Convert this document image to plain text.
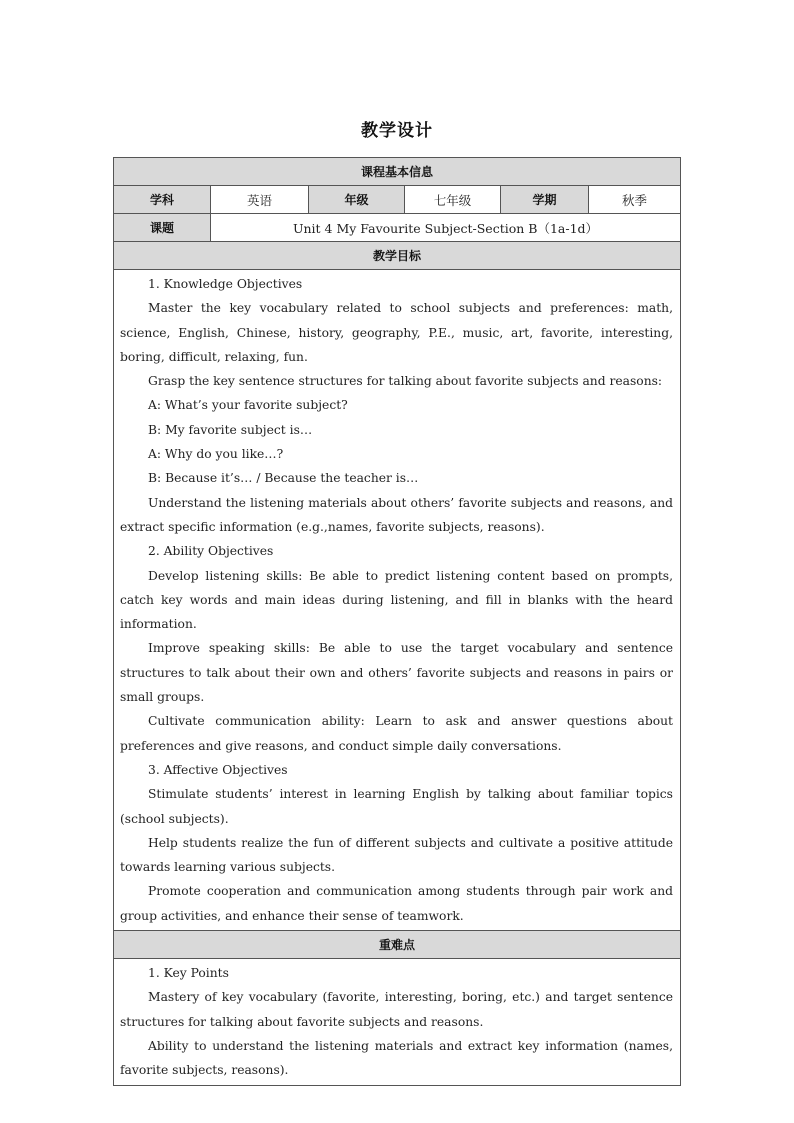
教学设计
课程基本信息
学科	英语	年级	七年级	学期	秋季
课题	Unit 4 My Favourite Subject-Section B（1a-1d）
教学目标

1. Knowledge Objectives

Master the key vocabulary related to school subjects and preferences: math, science, English, Chinese, history, geography, P.E., music, art, favorite, interesting, boring, difficult, relaxing, fun.

Grasp the key sentence structures for talking about favorite subjects and reasons:

A: What’s your favorite subject?

B: My favorite subject is…

A: Why do you like…?

B: Because it’s… / Because the teacher is…

Understand the listening materials about others’ favorite subjects and reasons, and extract specific information (e.g.,names, favorite subjects, reasons).

2. Ability Objectives

Develop listening skills: Be able to predict listening content based on prompts, catch key words and main ideas during listening, and fill in blanks with the heard information.

Improve speaking skills: Be able to use the target vocabulary and sentence structures to talk about their own and others’ favorite subjects and reasons in pairs or small groups.

Cultivate communication ability: Learn to ask and answer questions about preferences and give reasons, and conduct simple daily conversations.

3. Affective Objectives

Stimulate students’ interest in learning English by talking about familiar topics (school subjects).

Help students realize the fun of different subjects and cultivate a positive attitude towards learning various subjects.

Promote cooperation and communication among students through pair work and group activities, and enhance their sense of teamwork.

重难点

1. Key Points

Mastery of key vocabulary (favorite, interesting, boring, etc.) and target sentence structures for talking about favorite subjects and reasons.

Ability to understand the listening materials and extract key information (names, favorite subjects, reasons).
